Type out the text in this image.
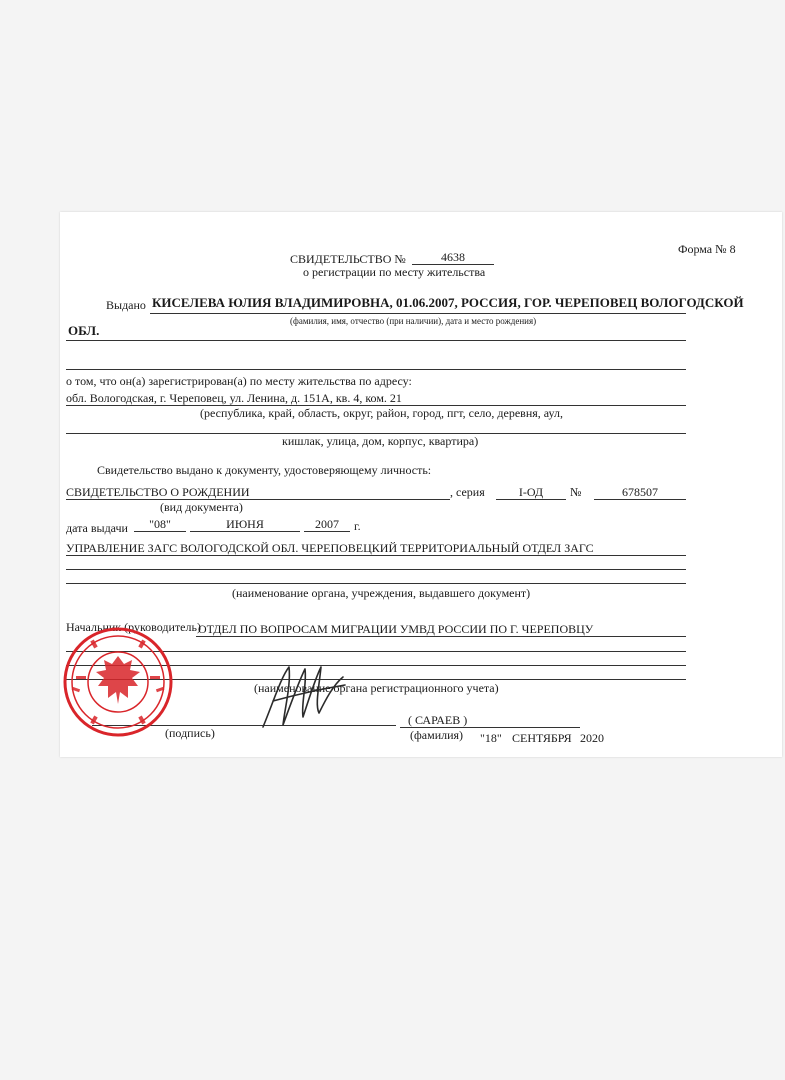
СВИДЕТЕЛЬСТВО №	4638
о регистрации по месту жительства
Форма № 8
Выдано КИСЕЛЕВА ЮЛИЯ ВЛАДИМИРОВНА, 01.06.2007, РОССИЯ, ГОР. ЧЕРЕПОВЕЦ ВОЛОГОДСКОЙ
(фамилия, имя, отчество (при наличии), дата и место рождения)
ОБЛ.
о том, что он(а) зарегистрирован(а) по месту жительства по адресу:
обл. Вологодская, г. Череповец, ул. Ленина, д. 151А, кв. 4, ком. 21
(республика, край, область, округ, район, город, пгт, село, деревня, аул,
кишлак, улица, дом, корпус, квартира)
Свидетельство выдано к документу, удостоверяющему личность:
СВИДЕТЕЛЬСТВО О РОЖДЕНИИ
(вид документа)
, серия	I-ОД	№	678507
дата выдачи	"08"	ИЮНЯ	2007	г.
УПРАВЛЕНИЕ ЗАГС ВОЛОГОДСКОЙ ОБЛ. ЧЕРЕПОВЕЦКИЙ ТЕРРИТОРИАЛЬНЫЙ ОТДЕЛ ЗАГС
(наименование органа, учреждения, выдавшего документ)
Начальник (руководитель)
ОТДЕЛ ПО ВОПРОСАМ МИГРАЦИИ УМВД РОССИИ ПО Г. ЧЕРЕПОВЦУ
(наименование органа регистрационного учета)
(подпись)
( САРАЕВ )
(фамилия) "18" СЕНТЯБРЯ 2020
